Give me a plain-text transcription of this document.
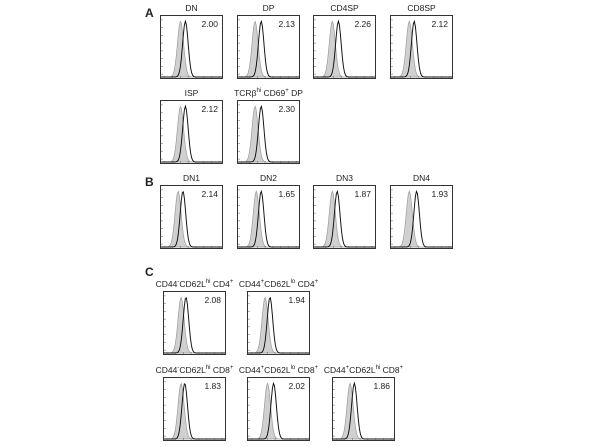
A
B
C
DN
2.00
DP
2.13
CD4SP
2.26
CD8SP
2.12
ISP
2.12
TCRβ$^{hi}$ CD69+ DP
2.30
DN1
2.14
DN2
1.65
DN3
1.87
DN4
1.93
$CD44^-CD62L^{hi}$ CD4+
2.08
$CD44^+CD62L^{lo}$ CD4+
1.94
$CD44^-CD62L^{hi}$ CD8+
1.83
$CD44^+CD62L^{lo}$ CD8+
2.02
$CD44^+CD62L^{hi}$ CD8+
1.86
